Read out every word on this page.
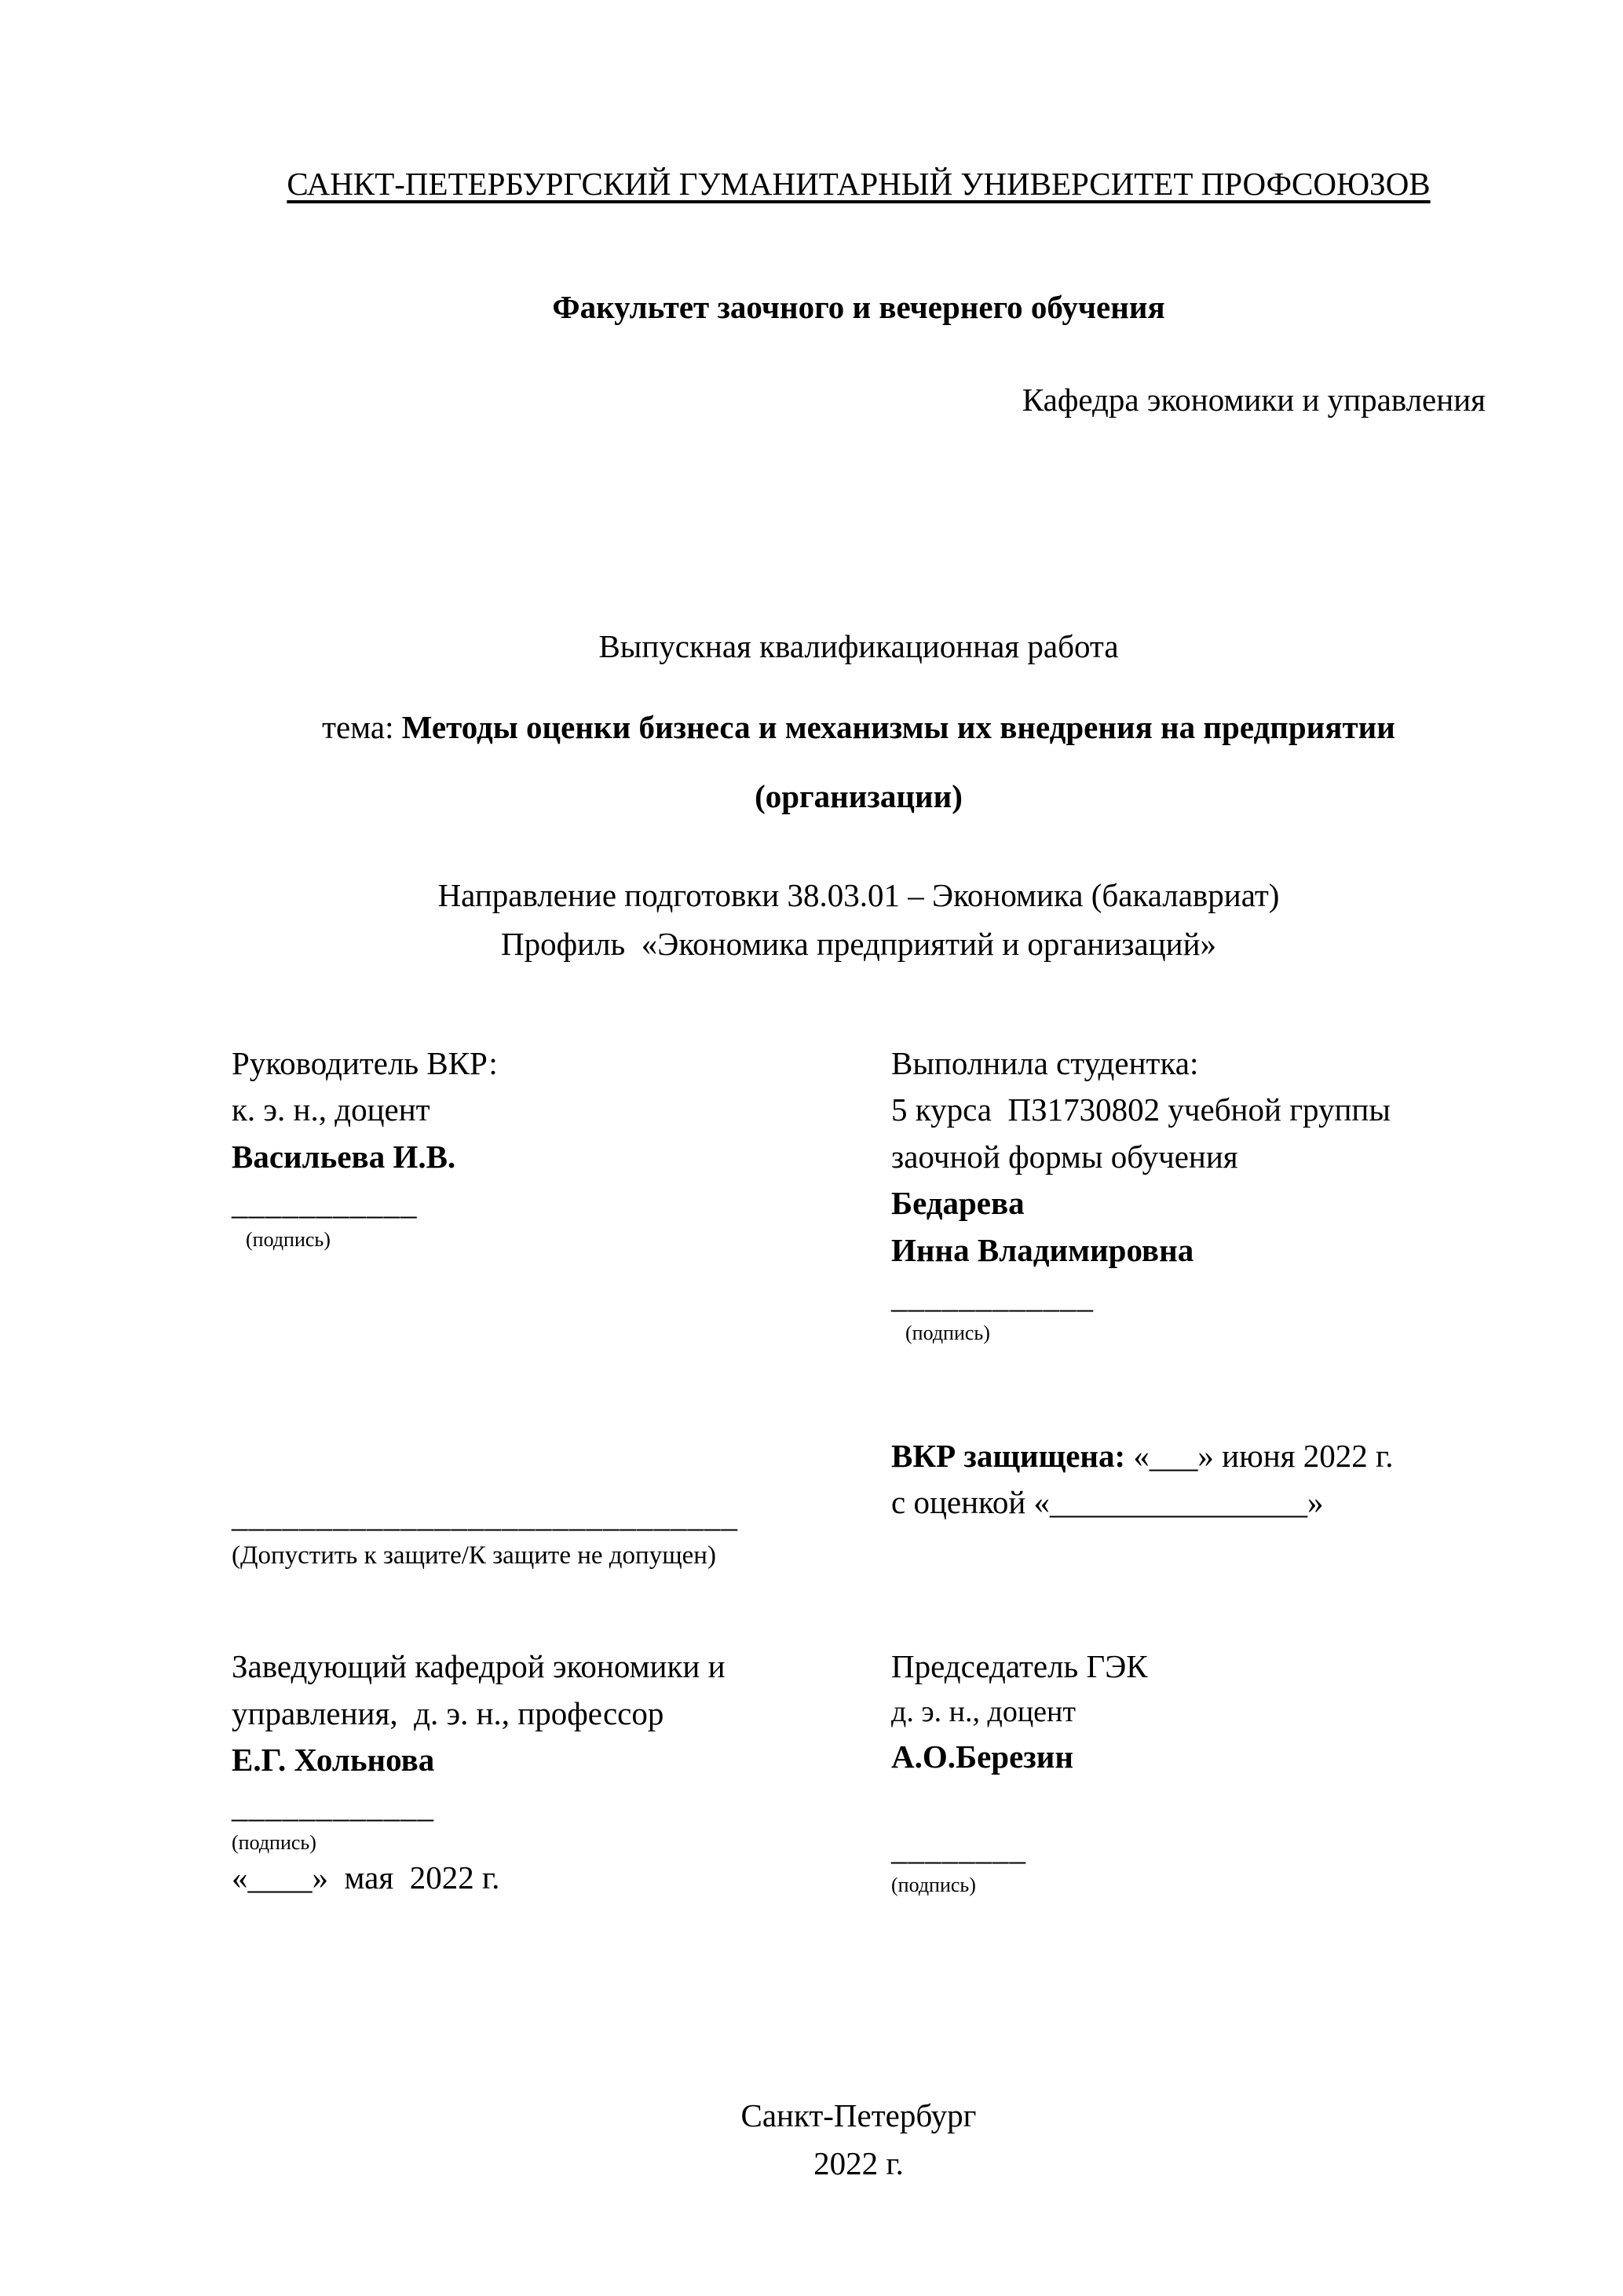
САНКТ-ПЕТЕРБУРГСКИЙ ГУМАНИТАРНЫЙ УНИВЕРСИТЕТ ПРОФСОЮЗОВ
Факультет заочного и вечернего обучения
Кафедра экономики и управления
Выпускная квалификационная работа
тема: Методы оценки бизнеса и механизмы их внедрения на предприятии (организации)
Направление подготовки 38.03.01 – Экономика (бакалавриат)
Профиль  «Экономика предприятий и организаций»
Руководитель ВКР:
к. э. н., доцент
Васильева И.В.
___________
(подпись)
Выполнила студентка:
5 курса  ПЗ1730802 учебной группы
заочной формы обучения
Бедарева
Инна Владимировна
____________
(подпись)
______________________________
(Допустить к защите/К защите не допущен)
ВКР защищена: «___» июня 2022 г.
с оценкой «________________»
Заведующий кафедрой экономики и
управления,  д. э. н., профессор
Е.Г. Хольнова
____________
(подпись)
«____»  мая  2022 г.
Председатель ГЭК
д. э. н., доцент
А.О.Березин
________
(подпись)
Санкт-Петербург
2022 г.
